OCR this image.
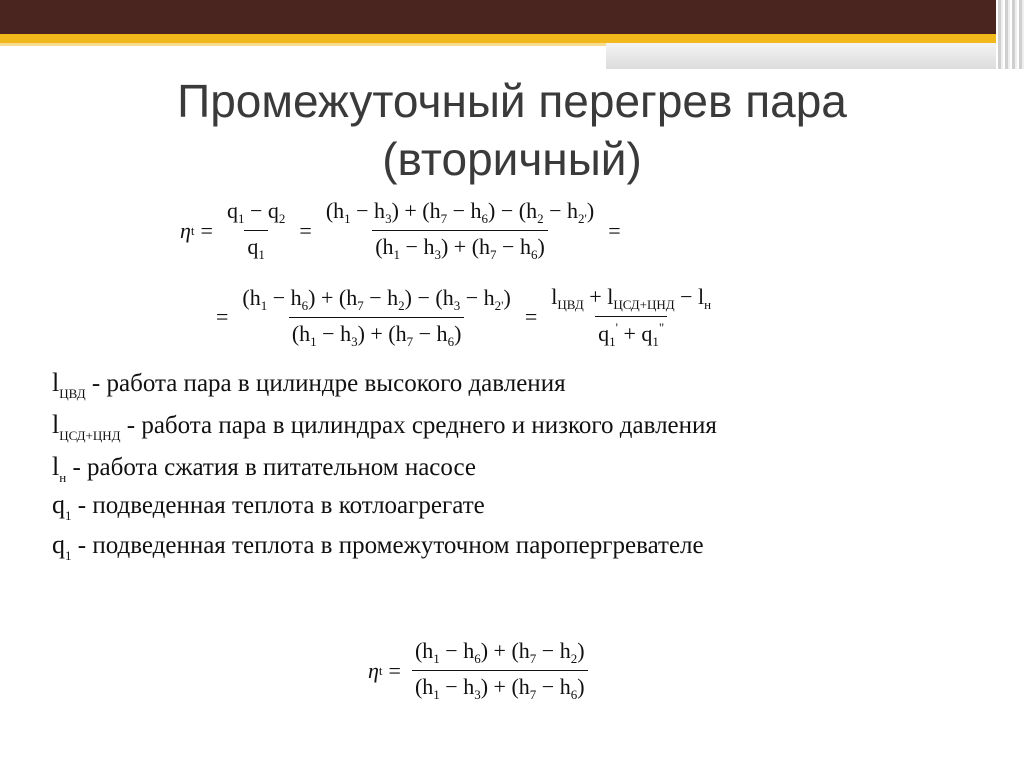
Промежуточный перегрев пара
(вторичный)
η $t = \frac{q_1 - q_2}{q_1} = \frac{(h_1 - h_3) + (h_7 - h_6) - (h_2 - h_{2'})}{(h_1 - h_3) + (h_7 - h_6)}$ =
= $\frac{(h_1 - h_6) + (h_7 - h_2) - (h_3 - h_{2'})}{(h_1 - h_3) + (h_7 - h_6)} = \frac{l_{ЦВД} + l_{ЦСД+ЦНД} - l_н}{q_1' + q_1^"}$
$l_{ЦВД}$ - работа пара в цилиндре высокого давления
$l_{ЦСД+ЦНД}$ - работа пара в цилиндрах среднего и низкого давления
$l_н$ - работа сжатия в питательном насосе
$q_1$ - подведенная теплота в котлоагрегате
$q_1$ - подведенная теплота в промежуточном паропергревателе
η $t = \frac{(h_1 - h_6) + (h_7 - h_2)}{(h_1 - h_3) + (h_7 - h_6)}$
